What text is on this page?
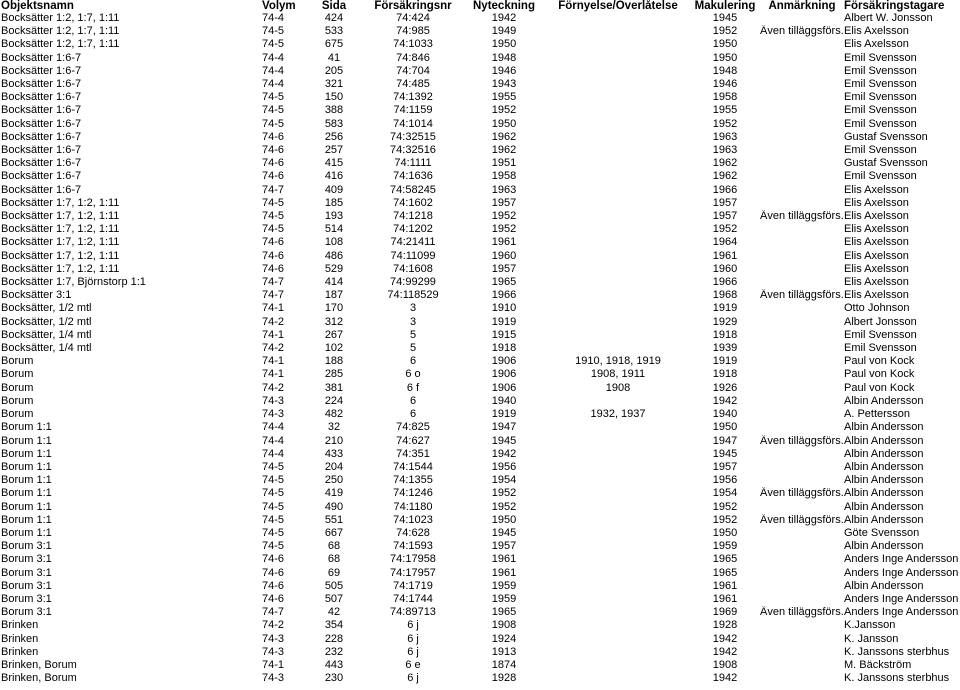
Objektsnamn	Volym	Sida	Försäkringsnr	Nyteckning	Förnyelse/Överlåtelse	Makulering	Anmärkning	Försäkringstagare
Bocksätter 1:2, 1:7, 1:11	74-4	424	74:424	1942		1945		Albert W. Jonsson
Bocksätter 1:2, 1:7, 1:11	74-5	533	74:985	1949		1952	Även tilläggsförs.	Elis Axelsson
Bocksätter 1:2, 1:7, 1:11	74-5	675	74:1033	1950		1950		Elis Axelsson
Bocksätter 1:6-7	74-4	41	74:846	1948		1950		Emil Svensson
Bocksätter 1:6-7	74-4	205	74:704	1946		1948		Emil Svensson
Bocksätter 1:6-7	74-4	321	74:485	1943		1946		Emil Svensson
Bocksätter 1:6-7	74-5	150	74:1392	1955		1958		Emil Svensson
Bocksätter 1:6-7	74-5	388	74:1159	1952		1955		Emil Svensson
Bocksätter 1:6-7	74-5	583	74:1014	1950		1952		Emil Svensson
Bocksätter 1:6-7	74-6	256	74:32515	1962		1963		Gustaf Svensson
Bocksätter 1:6-7	74-6	257	74:32516	1962		1963		Emil Svensson
Bocksätter 1:6-7	74-6	415	74:1111	1951		1962		Gustaf Svensson
Bocksätter 1:6-7	74-6	416	74:1636	1958		1962		Emil Svensson
Bocksätter 1:6-7	74-7	409	74:58245	1963		1966		Elis Axelsson
Bocksätter 1:7, 1:2, 1:11	74-5	185	74:1602	1957		1957		Elis Axelsson
Bocksätter 1:7, 1:2, 1:11	74-5	193	74:1218	1952		1957	Även tilläggsförs.	Elis Axelsson
Bocksätter 1:7, 1:2, 1:11	74-5	514	74:1202	1952		1952		Elis Axelsson
Bocksätter 1:7, 1:2, 1:11	74-6	108	74:21411	1961		1964		Elis Axelsson
Bocksätter 1:7, 1:2, 1:11	74-6	486	74:11099	1960		1961		Elis Axelsson
Bocksätter 1:7, 1:2, 1:11	74-6	529	74:1608	1957		1960		Elis Axelsson
Bocksätter 1:7, Björnstorp 1:1	74-7	414	74:99299	1965		1966		Elis Axelsson
Bocksätter 3:1	74-7	187	74:118529	1966		1968	Även tilläggsförs.	Elis Axelsson
Bocksätter, 1/2 mtl	74-1	170	3	1910		1919		Otto Johnson
Bocksätter, 1/2 mtl	74-2	312	3	1919		1929		Albert Jonsson
Bocksätter, 1/4 mtl	74-1	267	5	1915		1918		Emil Svensson
Bocksätter, 1/4 mtl	74-2	102	5	1918		1939		Emil Svensson
Borum	74-1	188	6	1906	1910, 1918, 1919	1919		Paul von Kock
Borum	74-1	285	6 o	1906	1908, 1911	1918		Paul von Kock
Borum	74-2	381	6 f	1906	1908	1926		Paul von Kock
Borum	74-3	224	6	1940		1942		Albin Andersson
Borum	74-3	482	6	1919	1932, 1937	1940		A. Pettersson
Borum 1:1	74-4	32	74:825	1947		1950		Albin Andersson
Borum 1:1	74-4	210	74:627	1945		1947	Även tilläggsförs.	Albin Andersson
Borum 1:1	74-4	433	74:351	1942		1945		Albin Andersson
Borum 1:1	74-5	204	74:1544	1956		1957		Albin Andersson
Borum 1:1	74-5	250	74:1355	1954		1956		Albin Andersson
Borum 1:1	74-5	419	74:1246	1952		1954	Även tilläggsförs.	Albin Andersson
Borum 1:1	74-5	490	74:1180	1952		1952		Albin Andersson
Borum 1:1	74-5	551	74:1023	1950		1952	Även tilläggsförs.	Albin Andersson
Borum 1:1	74-5	667	74:628	1945		1950		Göte Svensson
Borum 3:1	74-5	68	74:1593	1957		1959		Albin Andersson
Borum 3:1	74-6	68	74:17958	1961		1965		Anders Inge Andersson
Borum 3:1	74-6	69	74:17957	1961		1965		Anders Inge Andersson
Borum 3:1	74-6	505	74:1719	1959		1961		Albin Andersson
Borum 3:1	74-6	507	74:1744	1959		1961		Anders Inge Andersson
Borum 3:1	74-7	42	74:89713	1965		1969	Även tilläggsförs.	Anders Inge Andersson
Brinken	74-2	354	6 j	1908		1928		K.Jansson
Brinken	74-3	228	6 j	1924		1942		K. Jansson
Brinken	74-3	232	6 j	1913		1942		K. Janssons sterbhus
Brinken, Borum	74-1	443	6 e	1874		1908		M. Bäckström
Brinken, Borum	74-3	230	6 j	1928		1942		K. Janssons sterbhus
